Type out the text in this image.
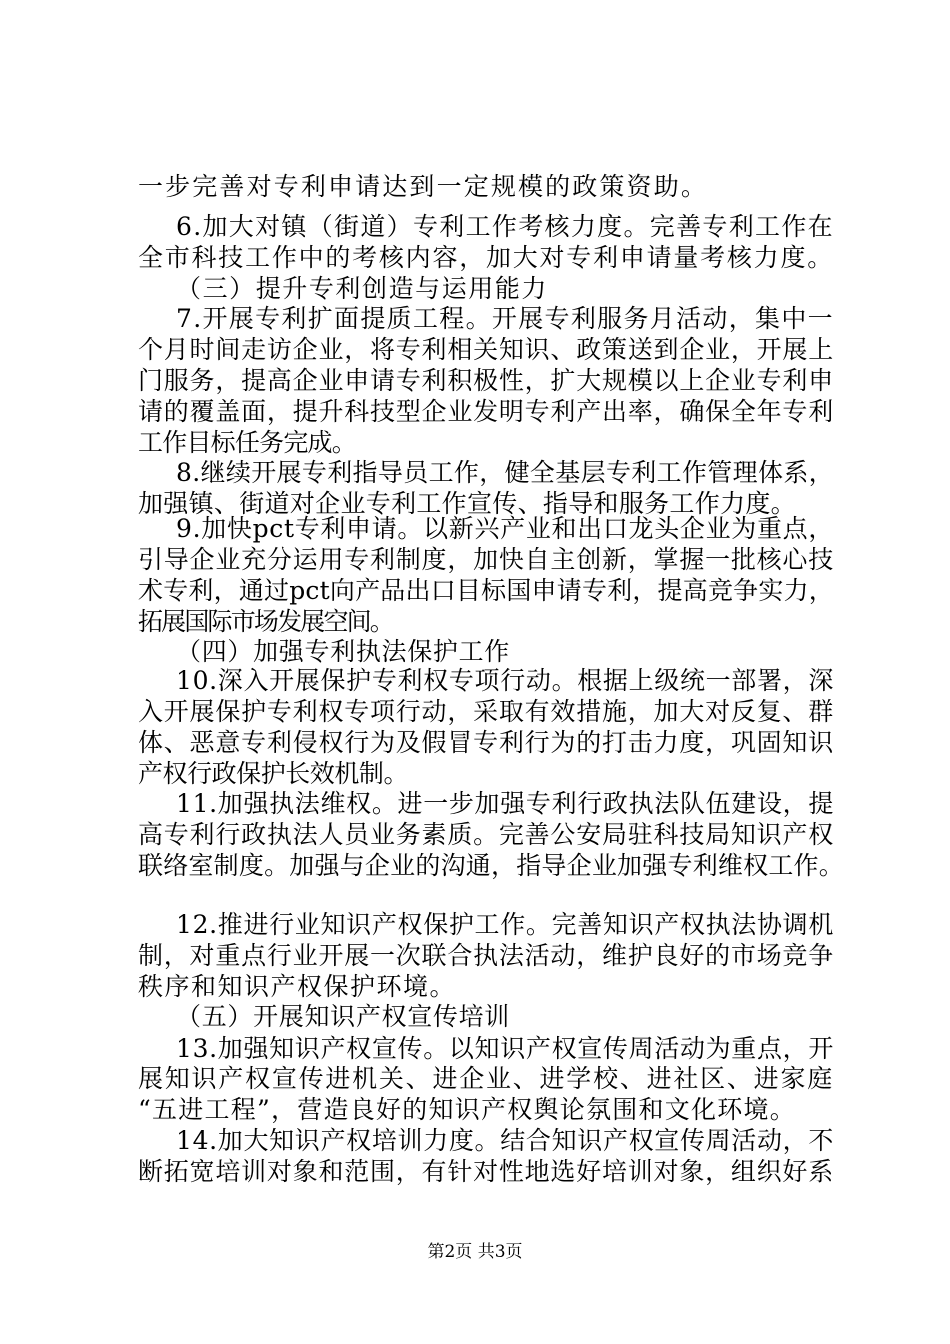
一步完善对专利申请达到一定规模的政策资助。
6.加大对镇（街道）专利工作考核力度。完善专利工作在
全市科技工作中的考核内容，加大对专利申请量考核力度。
（三）提升专利创造与运用能力
7.开展专利扩面提质工程。开展专利服务月活动，集中一
个月时间走访企业，将专利相关知识、政策送到企业，开展上
门服务，提高企业申请专利积极性，扩大规模以上企业专利申
请的覆盖面，提升科技型企业发明专利产出率，确保全年专利
工作目标任务完成。
8.继续开展专利指导员工作，健全基层专利工作管理体系，
加强镇、街道对企业专利工作宣传、指导和服务工作力度。
9.加快pct专利申请。以新兴产业和出口龙头企业为重点，
引导企业充分运用专利制度，加快自主创新，掌握一批核心技
术专利，通过pct向产品出口目标国申请专利，提高竞争实力，
拓展国际市场发展空间。
（四）加强专利执法保护工作
10.深入开展保护专利权专项行动。根据上级统一部署，深
入开展保护专利权专项行动，采取有效措施，加大对反复、群
体、恶意专利侵权行为及假冒专利行为的打击力度，巩固知识
产权行政保护长效机制。
11.加强执法维权。进一步加强专利行政执法队伍建设，提
高专利行政执法人员业务素质。完善公安局驻科技局知识产权
联络室制度。加强与企业的沟通，指导企业加强专利维权工作。
12.推进行业知识产权保护工作。完善知识产权执法协调机
制，对重点行业开展一次联合执法活动，维护良好的市场竞争
秩序和知识产权保护环境。
（五）开展知识产权宣传培训
13.加强知识产权宣传。以知识产权宣传周活动为重点，开
展知识产权宣传进机关、进企业、进学校、进社区、进家庭
“五进工程”，营造良好的知识产权舆论氛围和文化环境。
14.加大知识产权培训力度。结合知识产权宣传周活动，不
断拓宽培训对象和范围，有针对性地选好培训对象，组织好系
第2页 共3页
